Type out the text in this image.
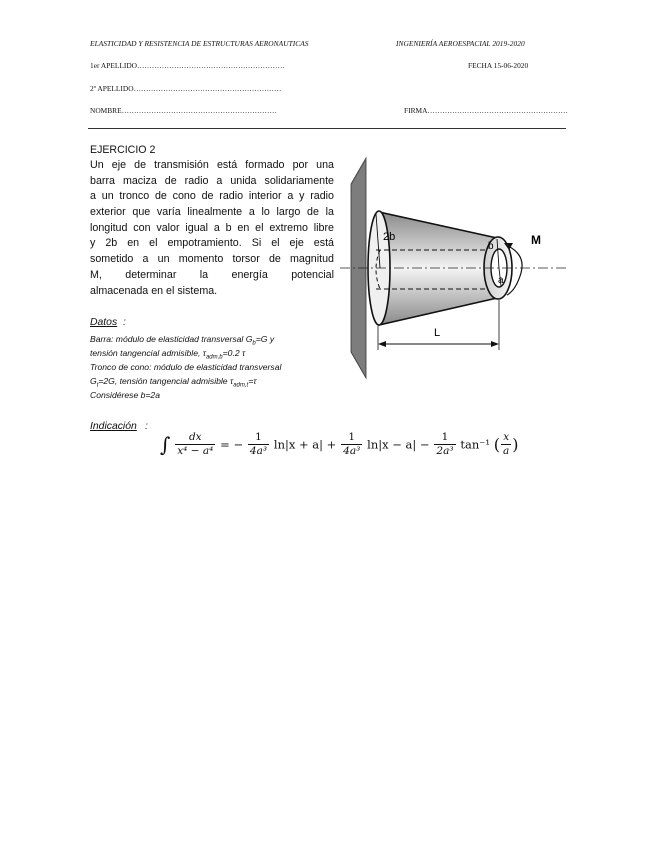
ELASTICIDAD Y RESISTENCIA DE ESTRUCTURAS AERONAUTICAS	INGENIERÍA AEROESPACIAL 2019-2020
1er APELLIDO……………………………………………………	FECHA 15-06-2020
2º APELLIDO……………………………………………………
NOMBRE………………………………………………………	FIRMA…………………………………………………
EJERCICIO 2
Un eje de transmisión está formado por una
barra maciza de radio a unida solidariamente
a un tronco de cono de radio interior a y radio
exterior que varía linealmente a lo largo de la
longitud con valor igual a b en el extremo libre
y 2b en el empotramiento. Si el eje está
sometido a un momento torsor de magnitud
M, determinar la energía potencial
almacenada en el sistema.
Datos :
Barra: módulo de elasticidad transversal $G_b=G$ y
tensión tangencial admisible, $\tau_{adm,b}=0.2$ τ
Tronco de cono: módulo de elasticidad transversal
$G_t=2G$, tensión tangencial admisible $\tau_{adm,t}=\tau$
Considérese b=2a
Indicación :
∫ $\frac{dx}{\text{x⁴ − a⁴}}$ = − $\frac{1}{\text{4a³}} \ln|x + a| + \frac{1}{\text{4a³}} \ln|x - a| - \frac{1}{\text{2a³}} \tan^{-1}$ ( $\frac{x}{a}$ )
2b
b
a
M
L
